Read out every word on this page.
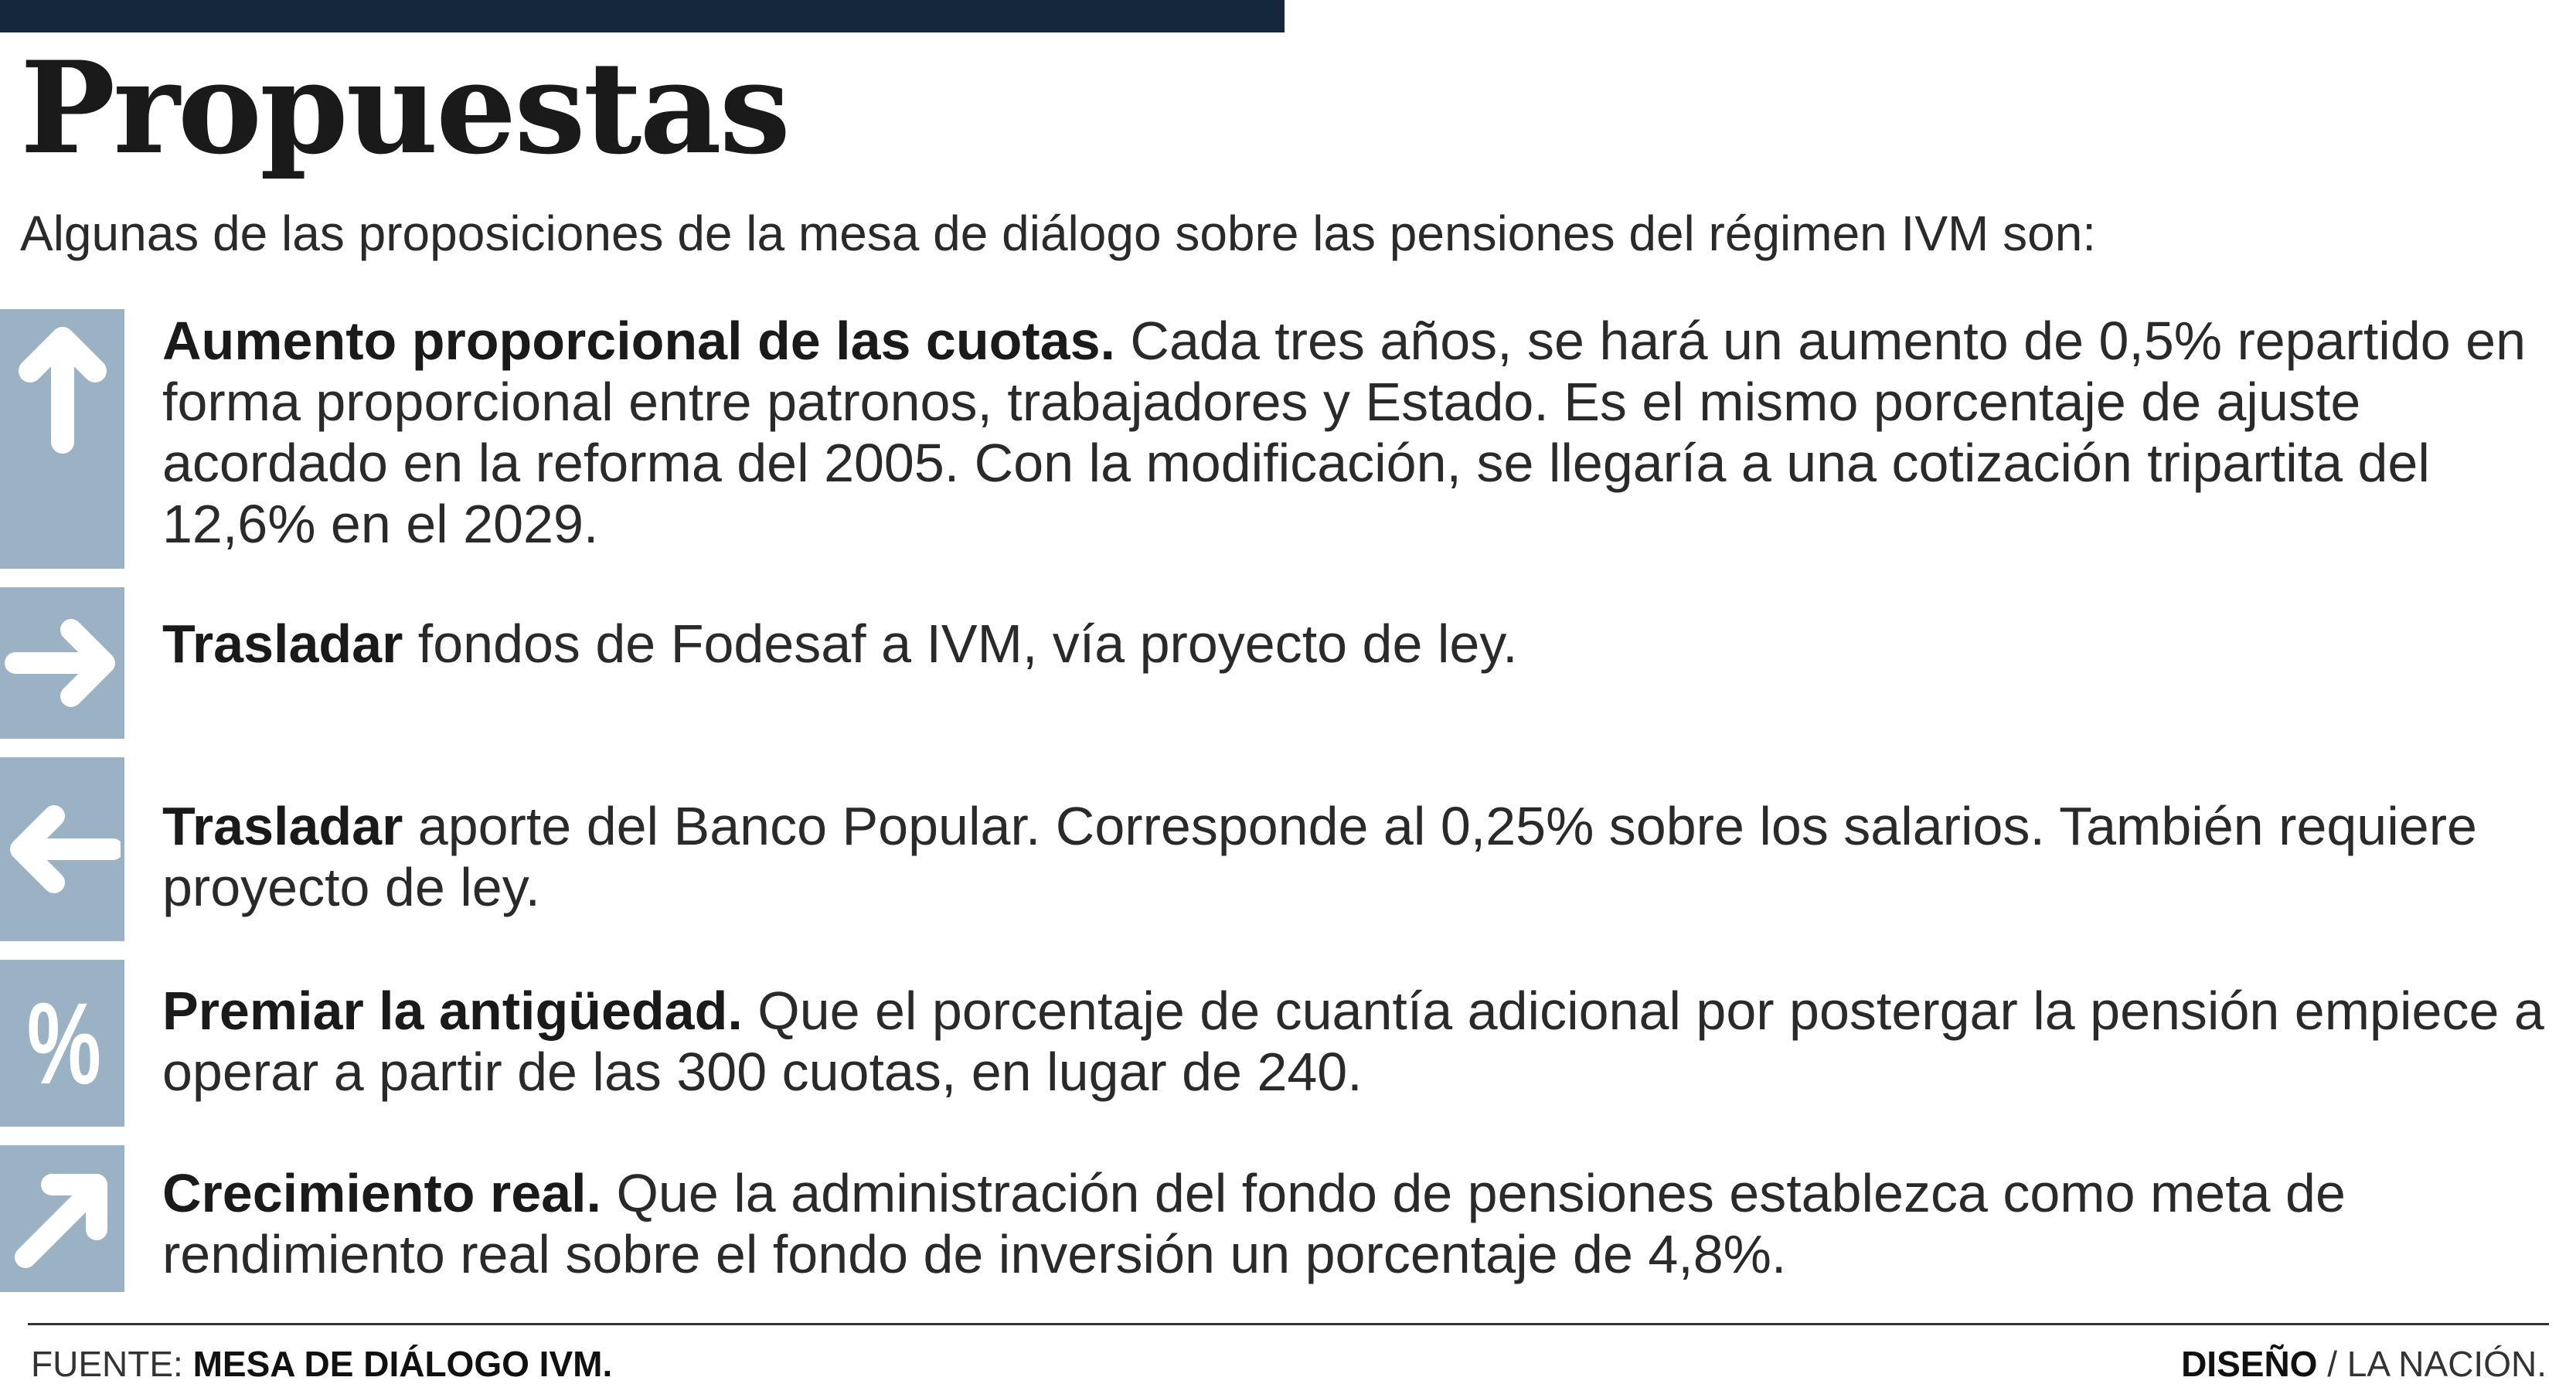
Propuestas
Algunas de las proposiciones de la mesa de diálogo sobre las pensiones del régimen IVM son:

Aumento proporcional de las cuotas. Cada tres años, se hará un aumento de 0,5% repartido en forma proporcional entre patronos, trabajadores y Estado. Es el mismo porcentaje de ajuste acordado en la reforma del 2005. Con la modificación, se llegaría a una cotización tripartita del 12,6% en el 2029.

Trasladar fondos de Fodesaf a IVM, vía proyecto de ley.

Trasladar aporte del Banco Popular. Corresponde al 0,25% sobre los salarios. También requiere proyecto de ley.

% Premiar la antigüedad. Que el porcentaje de cuantía adicional por postergar la pensión empiece a operar a partir de las 300 cuotas, en lugar de 240.

Crecimiento real. Que la administración del fondo de pensiones establezca como meta de rendimiento real sobre el fondo de inversión un porcentaje de 4,8%.

FUENTE: MESA DE DIÁLOGO IVM.	DISEÑO / LA NACIÓN.
